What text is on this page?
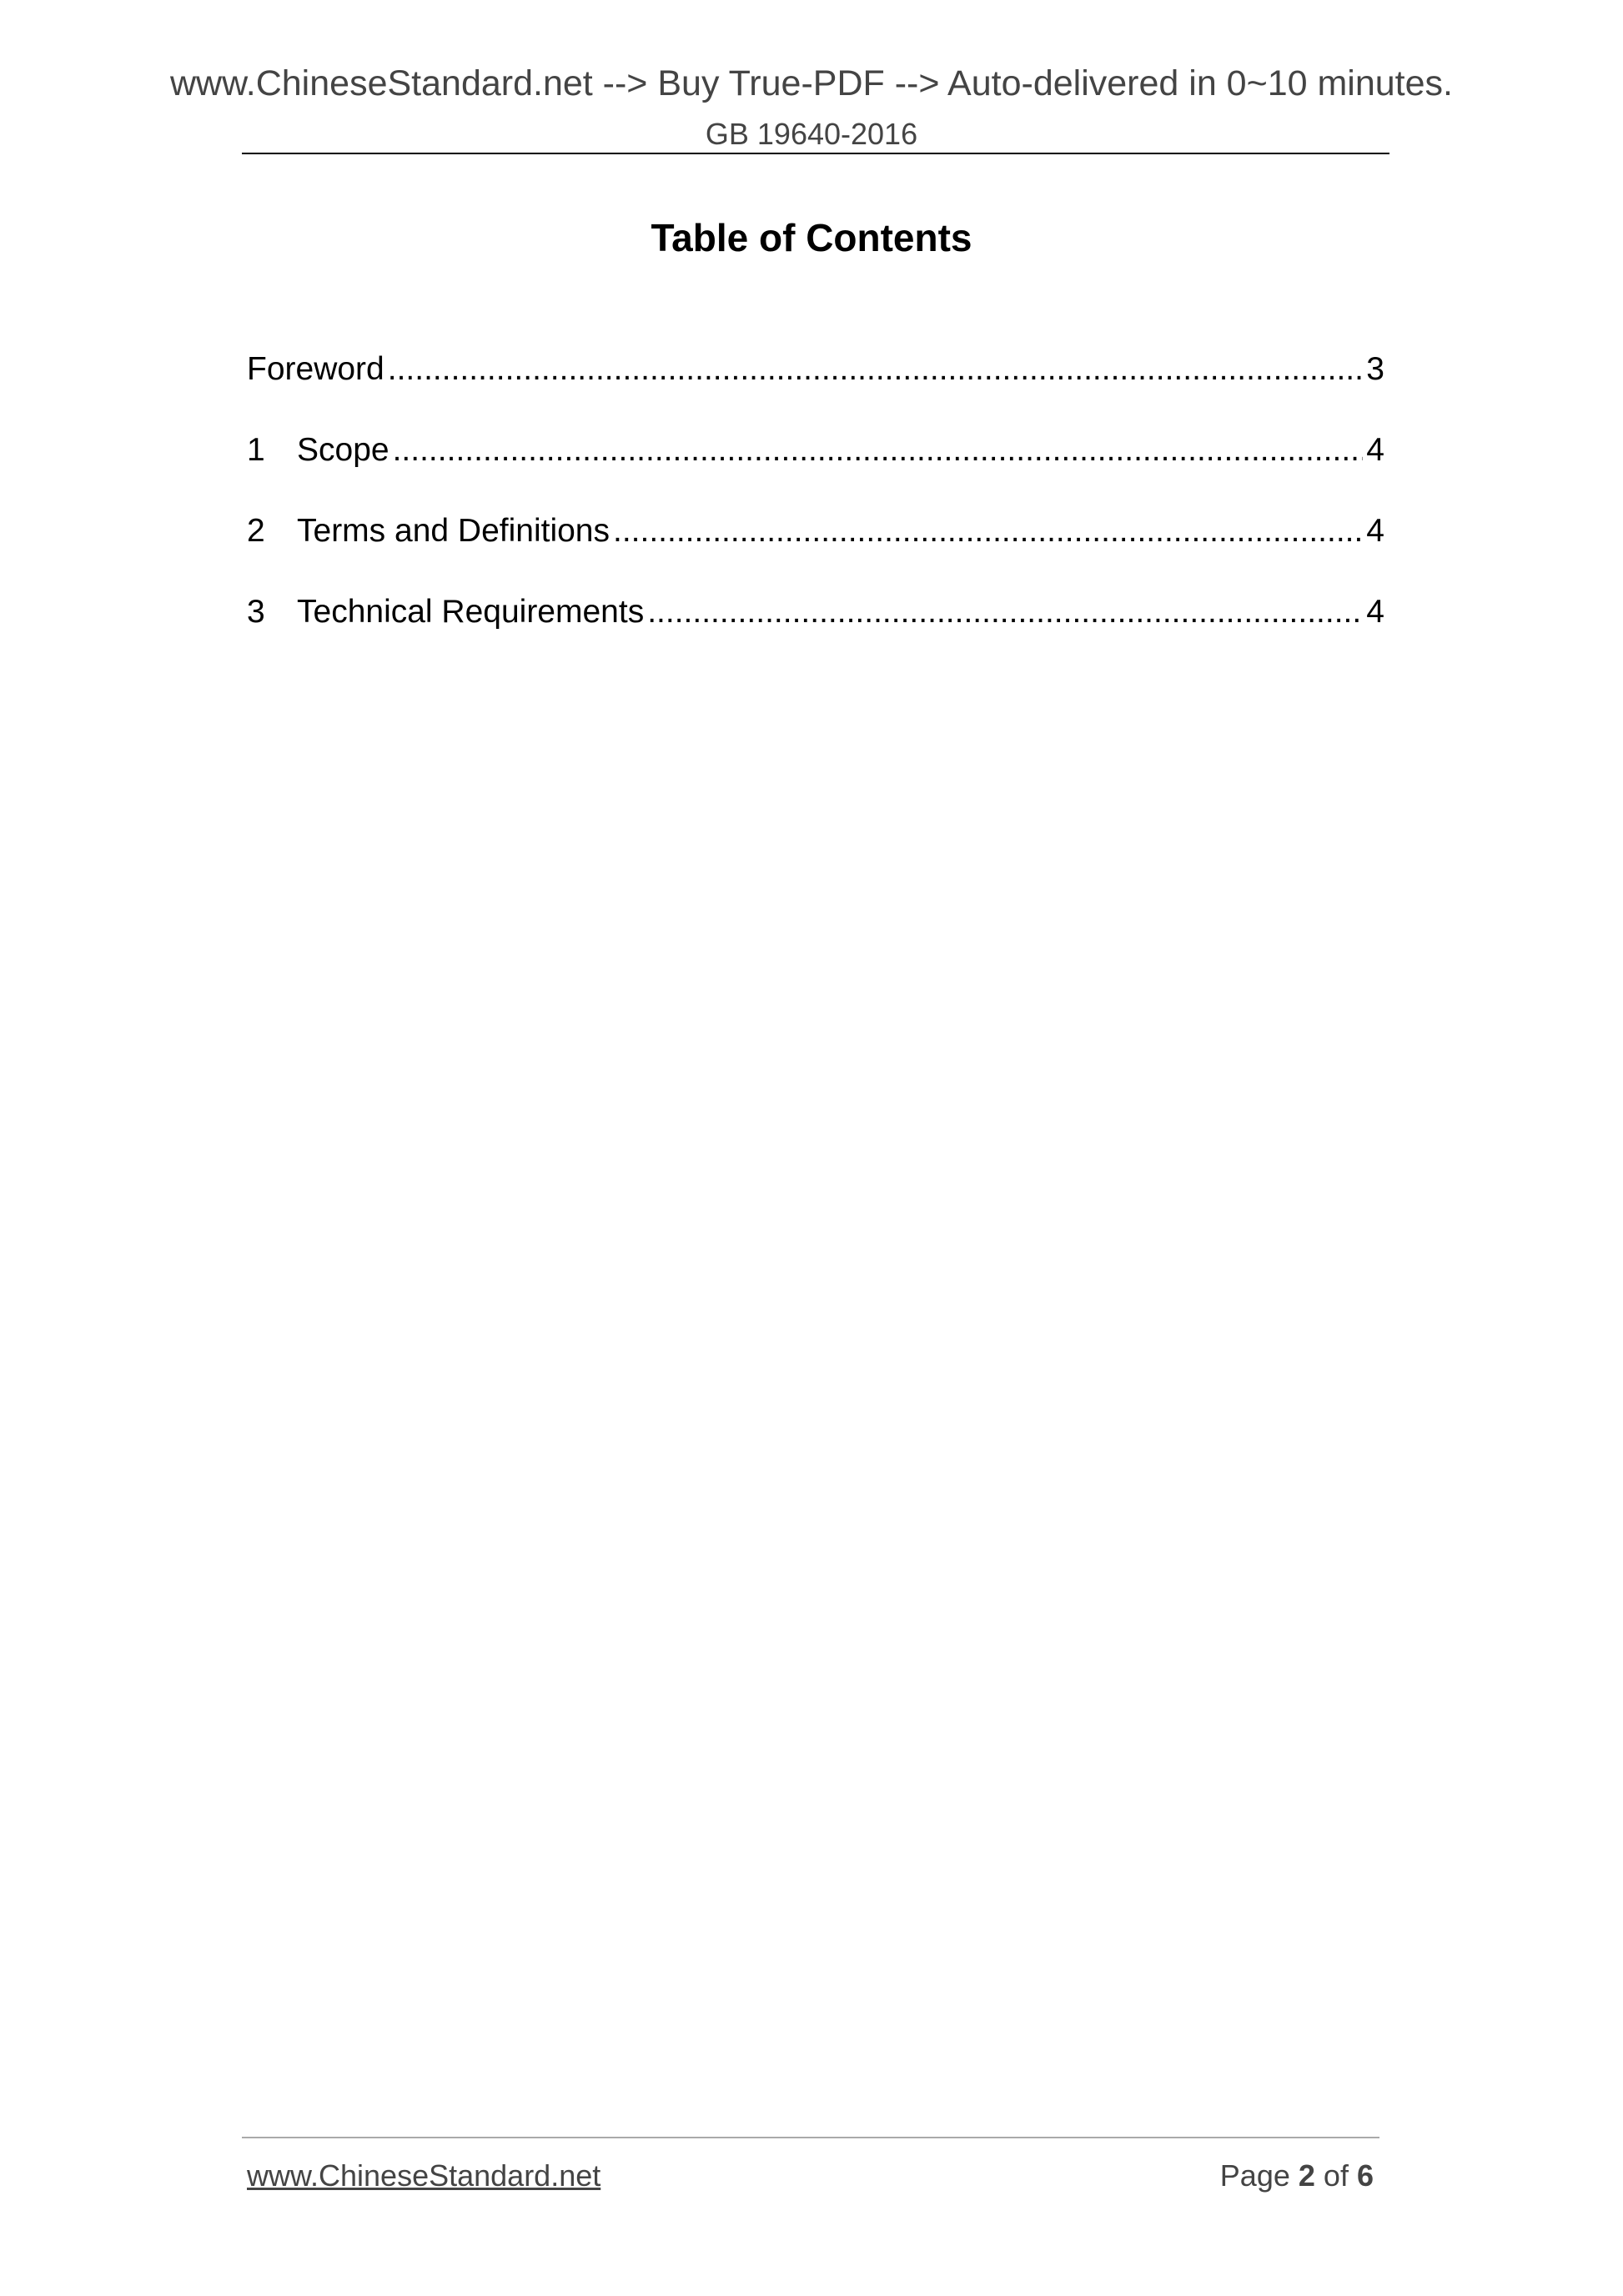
www.ChineseStandard.net --> Buy True-PDF --> Auto-delivered in 0~10 minutes.
GB 19640-2016
Table of Contents
Foreword .....	3
1 Scope .....	4
2 Terms and Definitions .....	4
3 Technical Requirements .....	4
www.ChineseStandard.net	Page 2 of 6
